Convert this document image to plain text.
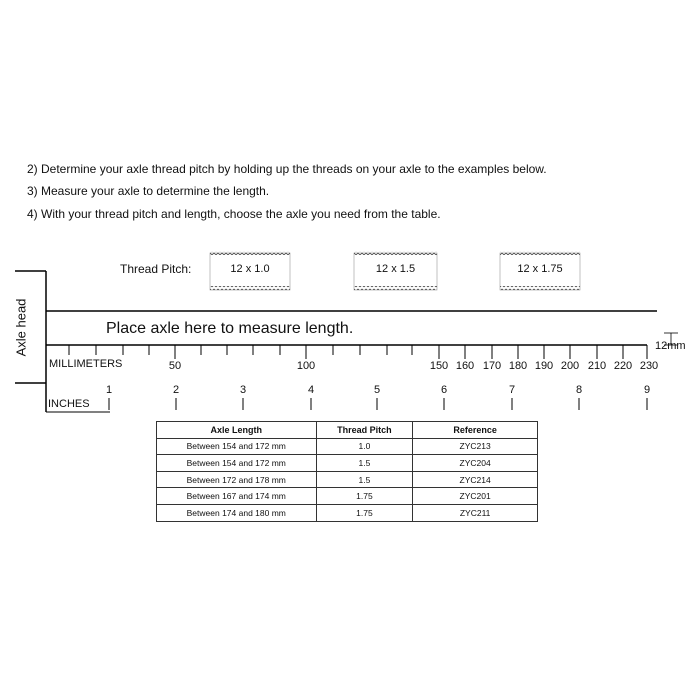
2) Determine your axle thread pitch by holding up the threads on your axle to the examples below.
3) Measure your axle to determine the length.
4) With your thread pitch and length, choose the axle you need from the table.
Thread Pitch:	12 x 1.0	12 x 1.5	12 x 1.75
Axle head	Place axle here to measure length.
MILLIMETERS
INCHES
12mm
50	100	150 160 170 180 190 200 210 220 230
1	2	3	4	5	6	7	8	9
Axle Length	Thread Pitch	Reference
Between 154 and 172 mm	1.0	ZYC213
Between 154 and 172 mm	1.5	ZYC204
Between 172 and 178 mm	1.5	ZYC214
Between 167 and 174 mm	1.75	ZYC201
Between 174 and 180 mm	1.75	ZYC211
